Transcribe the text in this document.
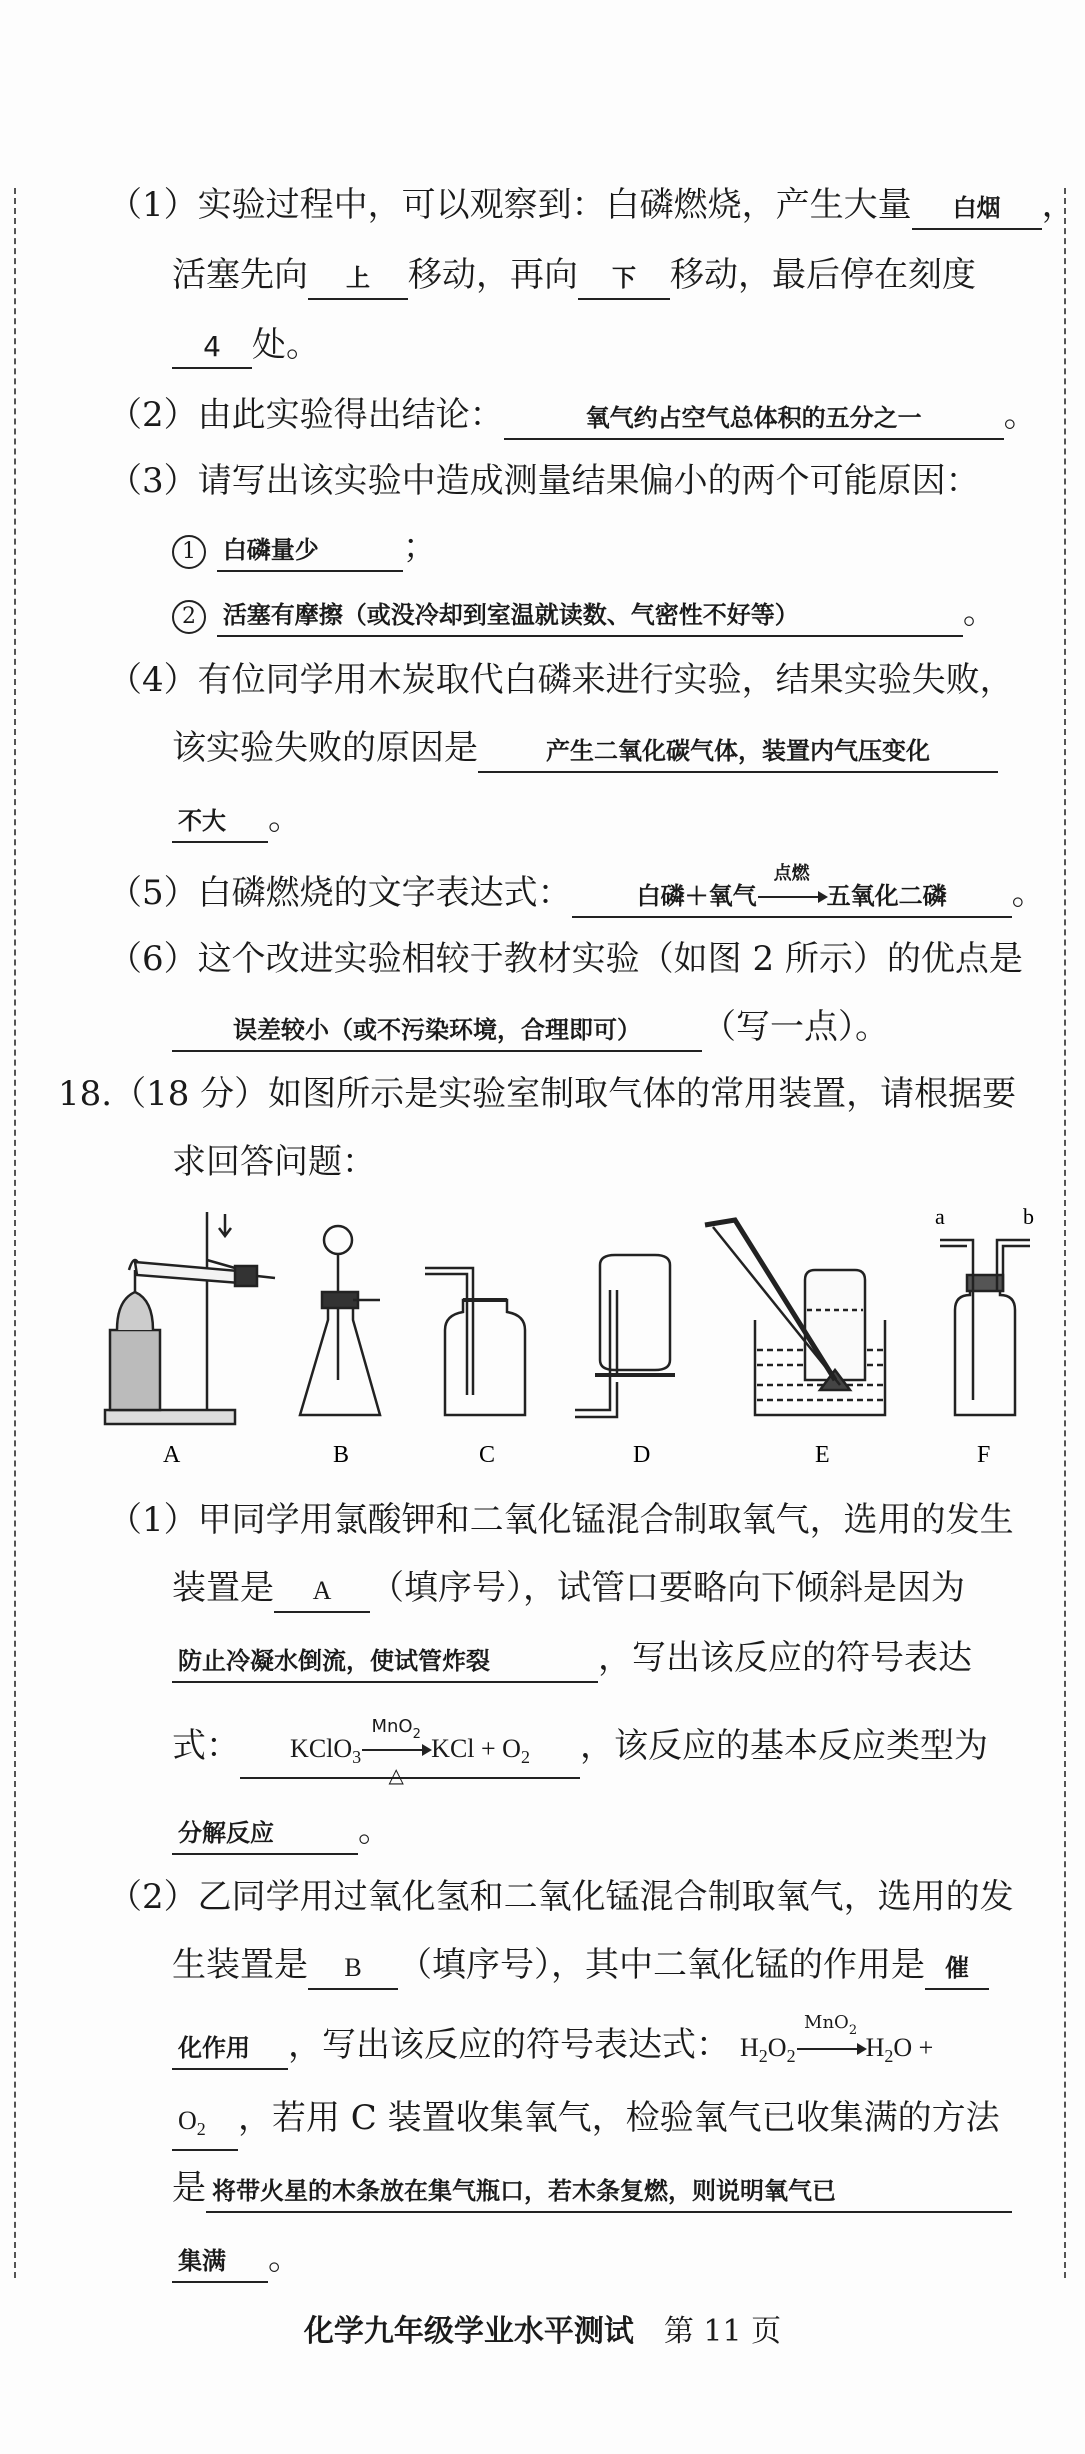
（1）实验过程中，可以观察到：白磷燃烧，产生大量 白烟 ，
活塞先向 上 移动，再向 下 移动，最后停在刻度
4 处。
（2）由此实验得出结论：	氧气约占空气总体积的五分之一 。
（3）请写出该实验中造成测量结果偏小的两个可能原因：
1 白磷量少 ；
2 活塞有摩擦（或没冷却到室温就读数、气密性不好等）	。
（4）有位同学用木炭取代白磷来进行实验，结果实验失败，
该实验失败的原因是	产生二氧化碳气体，装置内气压变化
不大 。
（5）白磷燃烧的文字表达式：	白磷＋氧气
点燃
五氧化二磷 。
（6）这个改进实验相较于教材实验（如图 2 所示）的优点是
误差较小（或不污染环境，合理即可） （写一点）。
18.（18 分）如图所示是实验室制取气体的常用装置，请根据要
求回答问题：
a	b
A	B	C	D	E	F
（1）甲同学用氯酸钾和二氧化锰混合制取氧气，选用的发生
装置是 A （填序号），试管口要略向下倾斜是因为
防止冷凝水倒流，使试管炸裂	，写出该反应的符号表达
式： KClO$_3$
MnO$_2$
△
KCl + $O_2$ ，该反应的基本反应类型为
分解反应 。
（2）乙同学用过氧化氢和二氧化锰混合制取氧气，选用的发
生装置是 B （填序号），其中二氧化锰的作用是 催
化作用 ，写出该反应的符号表达式： $H_2O_2$
MnO$_2$
$H_2O$ +
$O_2$ ，若用 C 装置收集氧气，检验氧气已收集满的方法
是 将带火星的木条放在集气瓶口，若木条复燃，则说明氧气已
集满 。
化学九年级学业水平测试 第 11 页
